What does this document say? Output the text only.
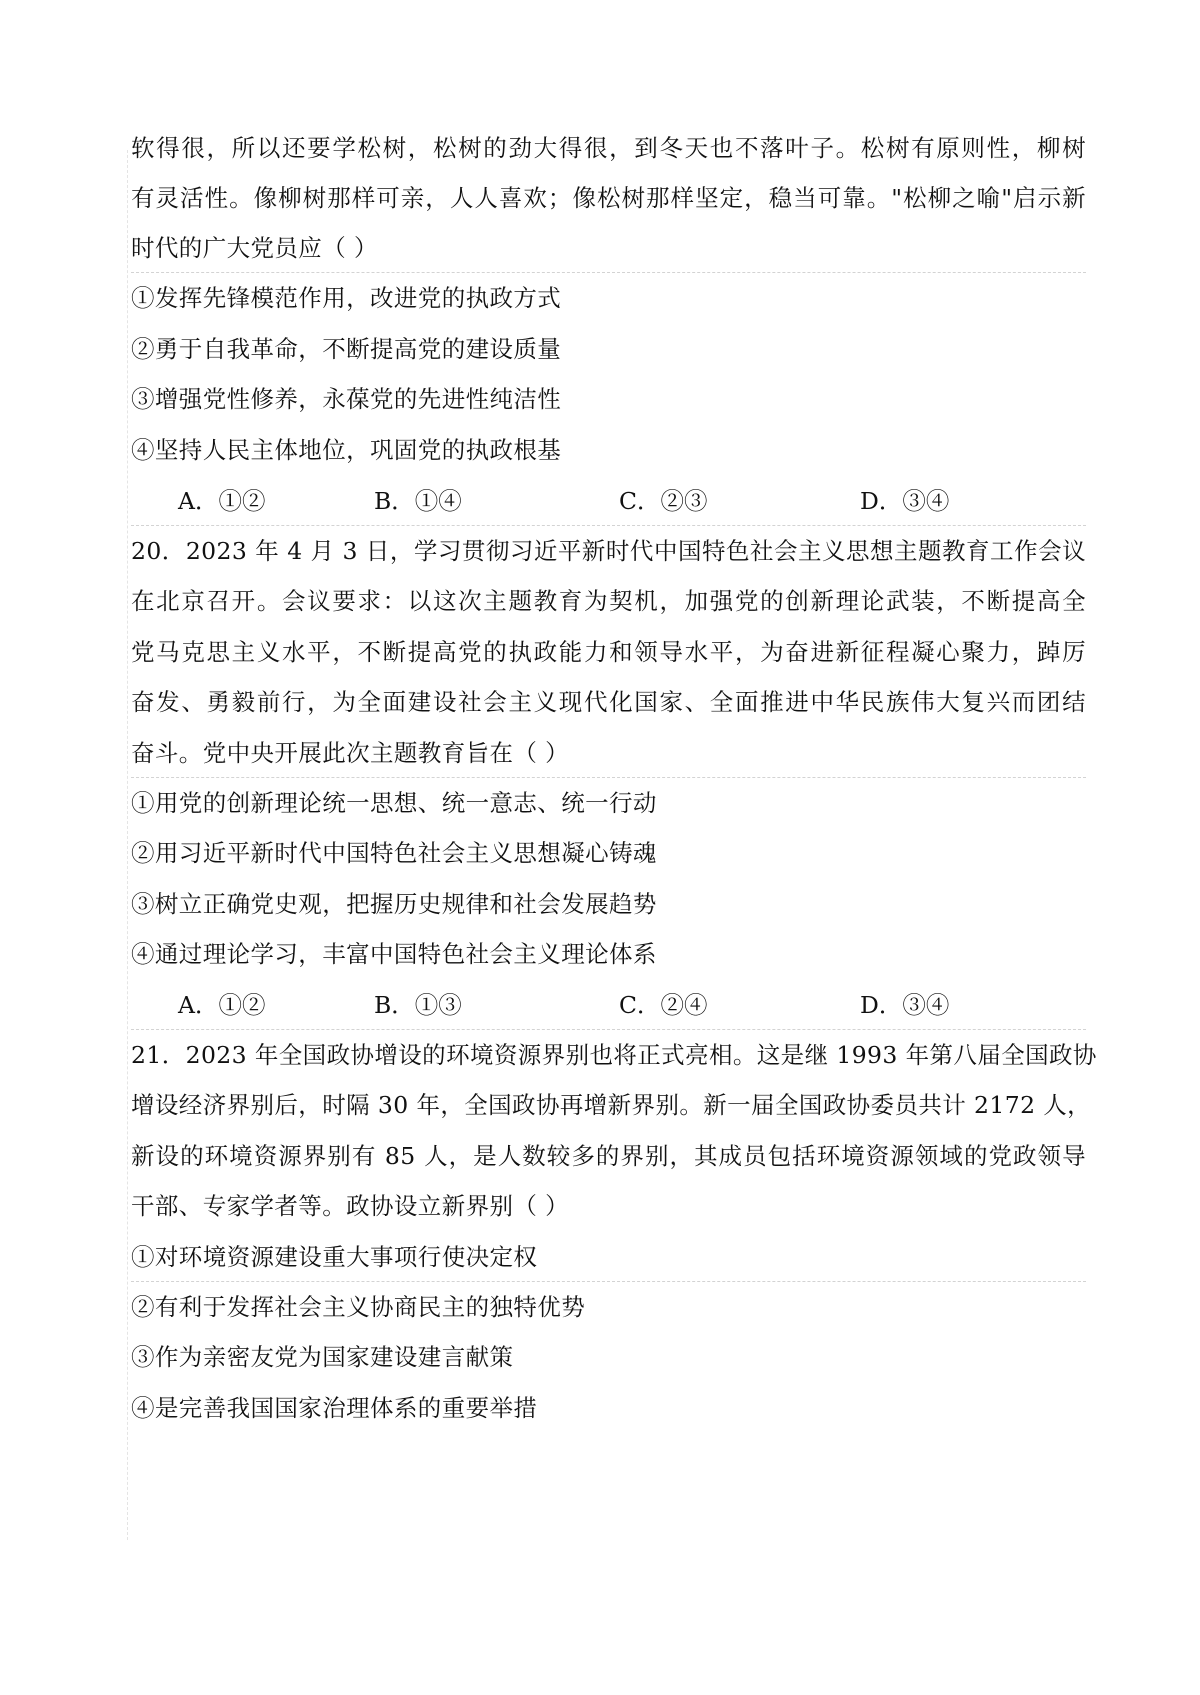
软得很，所以还要学松树，松树的劲大得很，到冬天也不落叶子。松树有原则性，柳树
有灵活性。像柳树那样可亲，人人喜欢；像松树那样坚定，稳当可靠。"松柳之喻"启示新
时代的广大党员应（ ）
①发挥先锋模范作用，改进党的执政方式
②勇于自我革命，不断提高党的建设质量
③增强党性修养，永葆党的先进性纯洁性
④坚持人民主体地位，巩固党的执政根基
A．①②	B．①④	C．②③	D．③④
20．2023 年 4 月 3 日，学习贯彻习近平新时代中国特色社会主义思想主题教育工作会议
在北京召开。会议要求：以这次主题教育为契机，加强党的创新理论武装，不断提高全
党马克思主义水平，不断提高党的执政能力和领导水平，为奋进新征程凝心聚力，踔厉
奋发、勇毅前行，为全面建设社会主义现代化国家、全面推进中华民族伟大复兴而团结
奋斗。党中央开展此次主题教育旨在（ ）
①用党的创新理论统一思想、统一意志、统一行动
②用习近平新时代中国特色社会主义思想凝心铸魂
③树立正确党史观，把握历史规律和社会发展趋势
④通过理论学习，丰富中国特色社会主义理论体系
A．①②	B．①③	C．②④	D．③④
21．2023 年全国政协增设的环境资源界别也将正式亮相。这是继 1993 年第八届全国政协
增设经济界别后，时隔 30 年，全国政协再增新界别。新一届全国政协委员共计 2172 人，
新设的环境资源界别有 85 人，是人数较多的界别，其成员包括环境资源领域的党政领导
干部、专家学者等。政协设立新界别（ ）
①对环境资源建设重大事项行使决定权
②有利于发挥社会主义协商民主的独特优势
③作为亲密友党为国家建设建言献策
④是完善我国国家治理体系的重要举措
